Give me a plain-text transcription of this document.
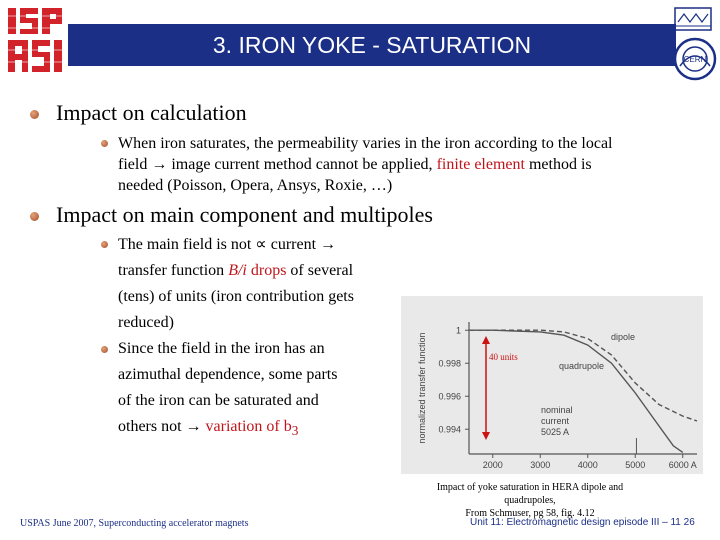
3. IRON YOKE - SATURATION
CERN
Impact on calculation
When iron saturates, the permeability varies in the iron according to the local
field → image current method cannot be applied, finite element method is
needed (Poisson, Opera, Ansys, Roxie, …)
Impact on main component and multipoles
The main field is not ∝ current →
transfer function B/i drops of several
(tens) of units (iron contribution gets
reduced)
Since the field in the iron has an
azimuthal dependence, some parts
of the iron can be saturated and
others not → variation of $b_3$	normalized transfer function
2000	3000	4000	5000	6000 A
1
0.998
0.996
0.994
dipole
quadrupole
nominal
current
5025 A
40 units
Impact of yoke saturation in HERA dipole and quadrupoles,
From Schmuser, pg 58, fig. 4.12
USPAS June 2007, Superconducting accelerator magnets	Unit 11: Electromagnetic design episode III – 11 26
